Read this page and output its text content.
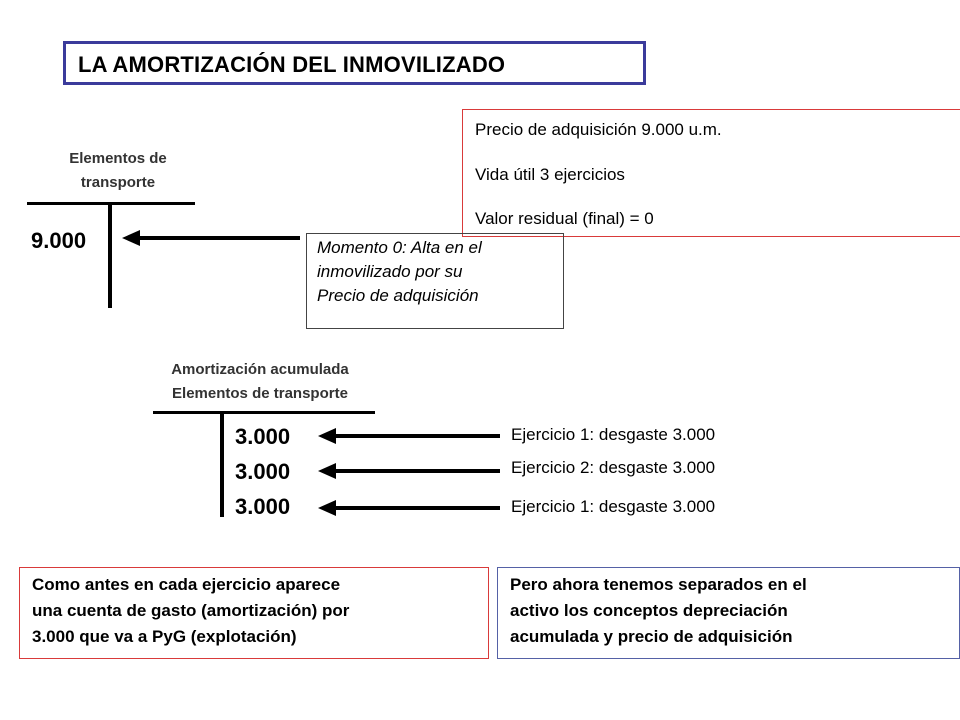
LA AMORTIZACIÓN DEL INMOVILIZADO
Precio de adquisición 9.000 u.m.
Vida útil 3 ejercicios
Valor residual (final) = 0
Elementos de
transporte
9.000	Momento 0: Alta en el
inmovilizado por su
Precio de adquisición
Amortización acumulada
Elementos de transporte
3.000
3.000
3.000
Ejercicio 1: desgaste 3.000
Ejercicio 2: desgaste 3.000
Ejercicio 1: desgaste 3.000
Como antes en cada ejercicio aparece
una cuenta de gasto (amortización) por
3.000 que va a PyG (explotación)
Pero ahora tenemos separados en el
activo los conceptos depreciación
acumulada y precio de adquisición
